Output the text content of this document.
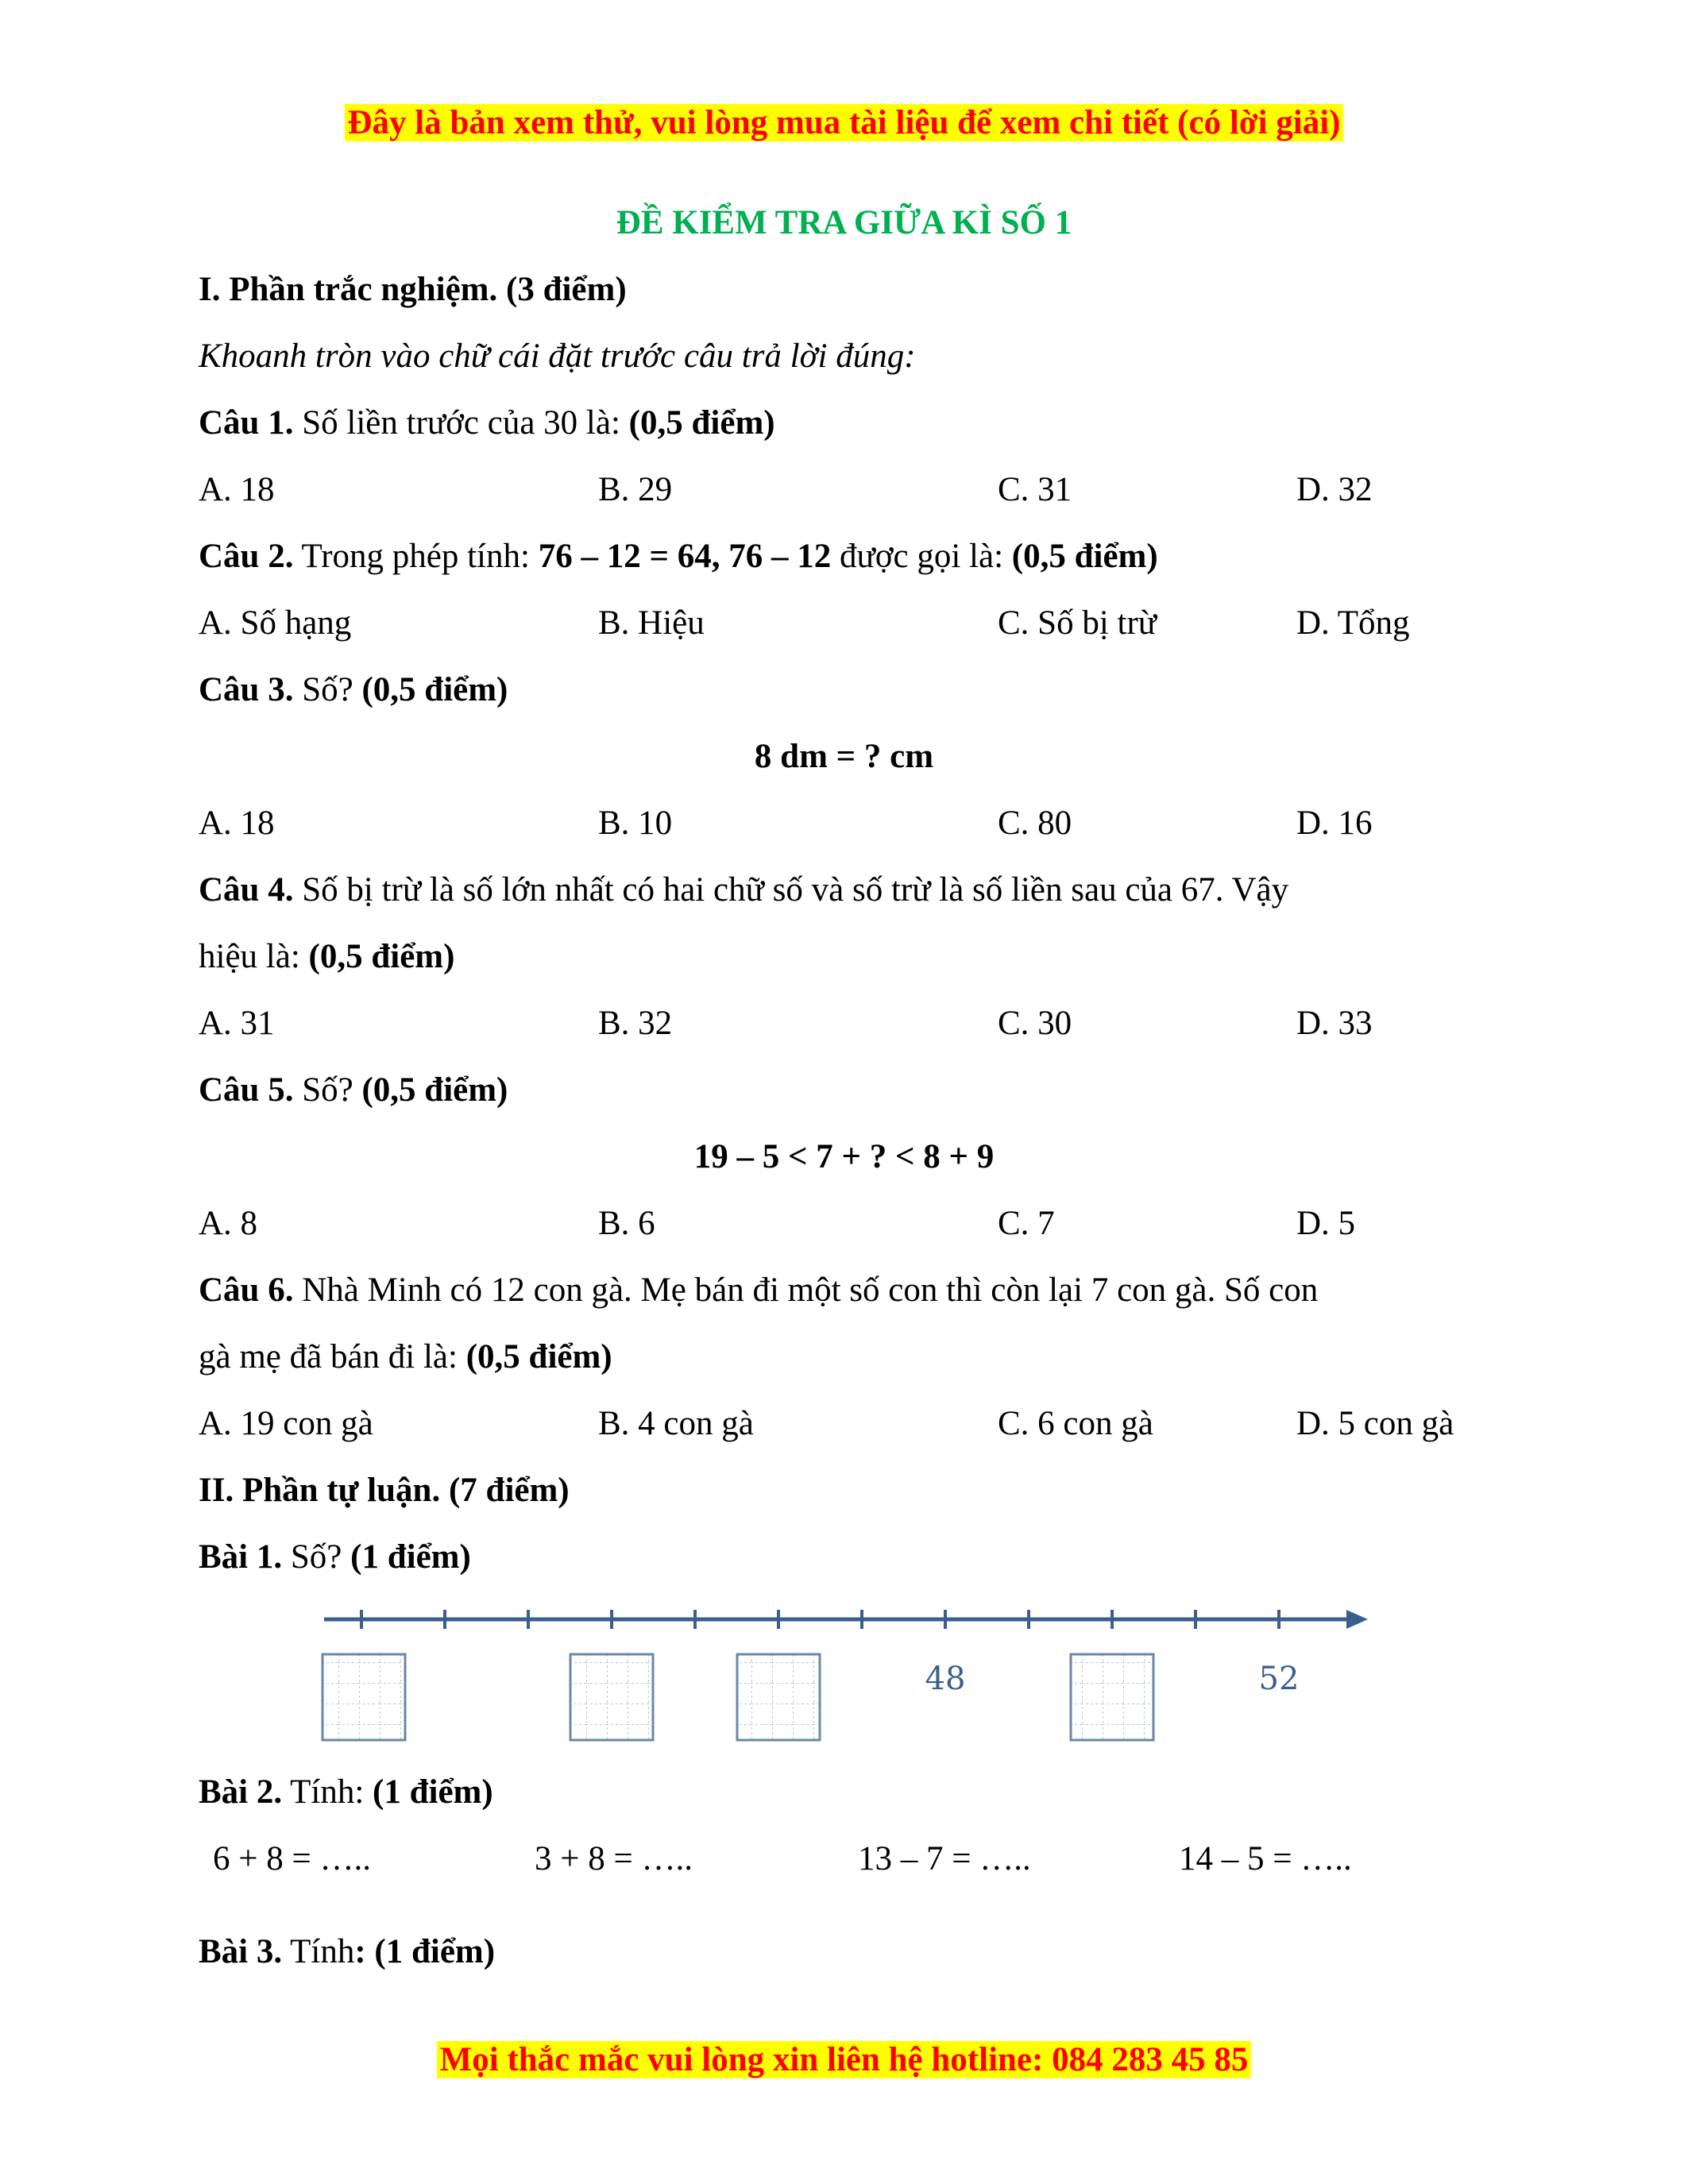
Đây là bản xem thử, vui lòng mua tài liệu để xem chi tiết (có lời giải)
ĐỀ KIỂM TRA GIỮA KÌ SỐ 1
I. Phần trắc nghiệm. (3 điểm)
Khoanh tròn vào chữ cái đặt trước câu trả lời đúng:
Câu 1. Số liền trước của 30 là: (0,5 điểm)
A. 18	B. 29	C. 31	D. 32
Câu 2. Trong phép tính: 76 – 12 = 64, 76 – 12 được gọi là: (0,5 điểm)
A. Số hạng	B. Hiệu	C. Số bị trừ	D. Tổng
Câu 3. Số? (0,5 điểm)
8 dm = ? cm
A. 18	B. 10	C. 80	D. 16
Câu 4. Số bị trừ là số lớn nhất có hai chữ số và số trừ là số liền sau của 67. Vậy
hiệu là: (0,5 điểm)
A. 31	B. 32	C. 30	D. 33
Câu 5. Số? (0,5 điểm)
19 – 5 < 7 + ? < 8 + 9
A. 8	B. 6	C. 7	D. 5
Câu 6. Nhà Minh có 12 con gà. Mẹ bán đi một số con thì còn lại 7 con gà. Số con
gà mẹ đã bán đi là: (0,5 điểm)
A. 19 con gà	B. 4 con gà	C. 6 con gà	D. 5 con gà
II. Phần tự luận. (7 điểm)
Bài 1. Số? (1 điểm)
48	52
Bài 2. Tính: (1 điểm)
6 + 8 = …..	3 + 8 = …..	13 – 7 = …..	14 – 5 = …..
Bài 3. Tính: (1 điểm)
Mọi thắc mắc vui lòng xin liên hệ hotline: 084 283 45 85
